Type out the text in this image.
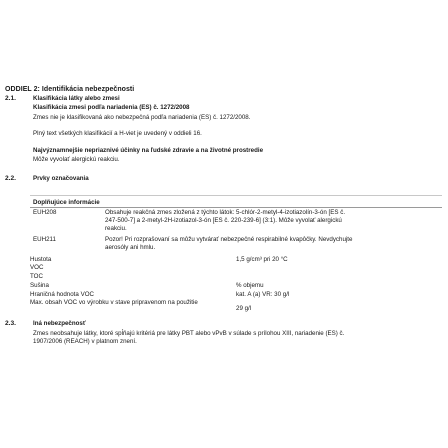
ODDIEL 2: Identifikácia nebezpečnosti
2.1.	Klasifikácia látky alebo zmesi
Klasifikácia zmesi podľa nariadenia (ES) č. 1272/2008
Zmes nie je klasifikovaná ako nebezpečná podľa nariadenia (ES) č. 1272/2008.
Plný text všetkých klasifikácií a H-viet je uvedený v oddieli 16.
Najvýznamnejšie nepriaznivé účinky na ľudské zdravie a na životné prostredie
Môže vyvolať alergickú reakciu.
2.2.	Prvky označovania
Doplňujúce informácie
EUH208	Obsahuje reakčná zmes zložená z týchto látok: 5-chlór-2-metyl-4-izotiazolín-3-ón [ES č.
247-500-7] a 2-metyl-2H-izotiazol-3-ón [ES č. 220-239-6] (3:1). Môže vyvolať alergickú
reakciu.
EUH211	Pozor! Pri rozprašovaní sa môžu vytvárať nebezpečné respirabilné kvapôčky. Nevdychujte
aerosóly ani hmlu.
Hustota	1,5 g/cm³ pri 20 °C
VOC
TOC
Sušina	% objemu
Hraničná hodnota VOC	kat. A (a) VR: 30 g/l
Max. obsah VOC vo výrobku v stave pripravenom na použitie
29 g/l
2.3.	Iná nebezpečnosť
Zmes neobsahuje látky, ktoré spĺňajú kritériá pre látky PBT alebo vPvB v súlade s prílohou XIII, nariadenie (ES) č.
1907/2006 (REACH) v platnom znení.
